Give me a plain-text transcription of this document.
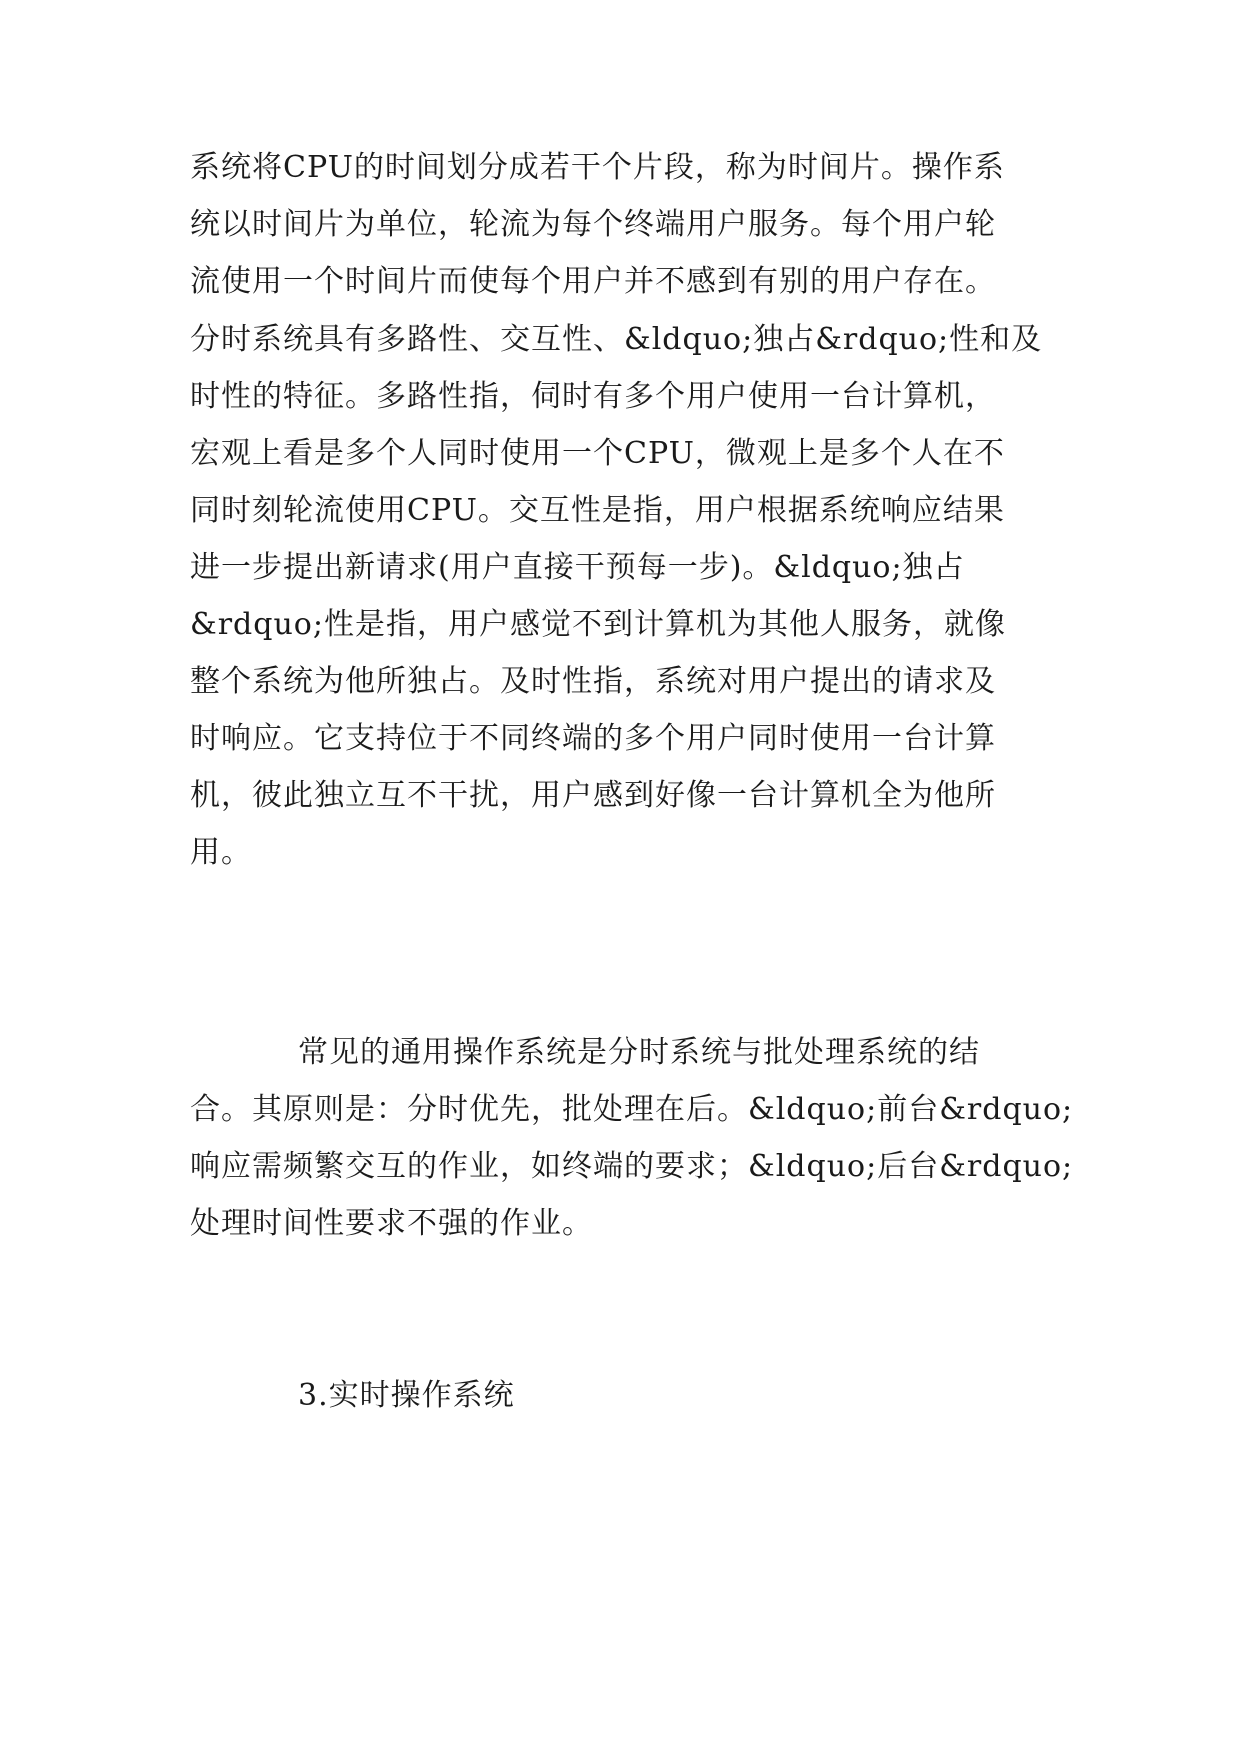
系统将CPU的时间划分成若干个片段，称为时间片。操作系
统以时间片为单位，轮流为每个终端用户服务。每个用户轮
流使用一个时间片而使每个用户并不感到有别的用户存在。
分时系统具有多路性、交互性、&ldquo;独占&rdquo;性和及
时性的特征。多路性指，伺时有多个用户使用一台计算机，
宏观上看是多个人同时使用一个CPU，微观上是多个人在不
同时刻轮流使用CPU。交互性是指，用户根据系统响应结果
进一步提出新请求(用户直接干预每一步)。&ldquo;独占
&rdquo;性是指，用户感觉不到计算机为其他人服务，就像
整个系统为他所独占。及时性指，系统对用户提出的请求及
时响应。它支持位于不同终端的多个用户同时使用一台计算
机，彼此独立互不干扰，用户感到好像一台计算机全为他所
用。
常见的通用操作系统是分时系统与批处理系统的结
合。其原则是：分时优先，批处理在后。&ldquo;前台&rdquo;
响应需频繁交互的作业，如终端的要求；&ldquo;后台&rdquo;
处理时间性要求不强的作业。
3.实时操作系统
